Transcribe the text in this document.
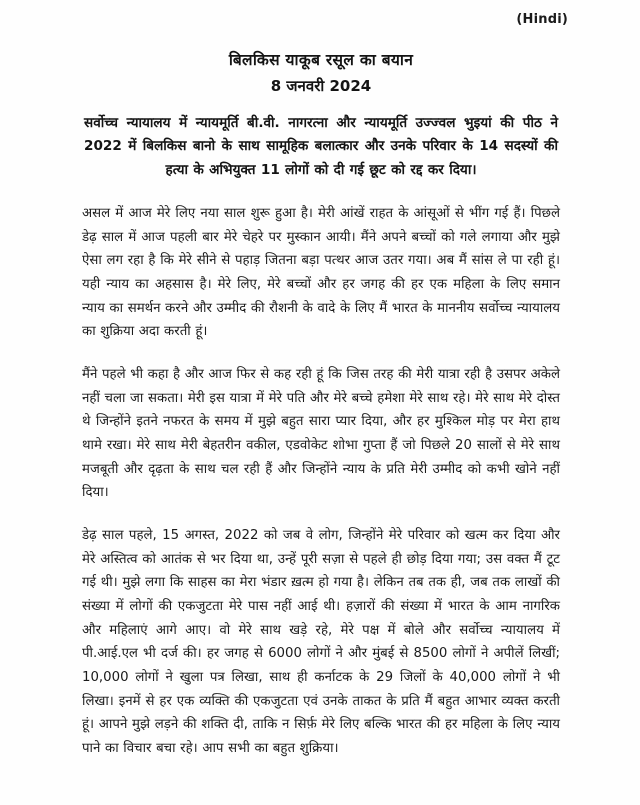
(Hindi)
बिलकिस याकूब रसूल का बयान
8 जनवरी 2024

सर्वोच्च न्यायालय में न्यायमूर्ति बी.वी. नागरत्ना और न्यायमूर्ति उज्ज्वल भुइयां की पीठ ने 2022 में बिलकिस बानो के साथ सामूहिक बलात्कार और उनके परिवार के 14 सदस्यों की हत्या के अभियुक्त 11 लोगों को दी गई छूट को रद्द कर दिया।

असल में आज मेरे लिए नया साल शुरू हुआ है। मेरी आंखें राहत के आंसूओं से भींग गई हैं। पिछले डेढ़ साल में आज पहली बार मेरे चेहरे पर मुस्कान आयी। मैंने अपने बच्चों को गले लगाया और मुझे ऐसा लग रहा है कि मेरे सीने से पहाड़ जितना बड़ा पत्थर आज उतर गया। अब मैं सांस ले पा रही हूं। यही न्याय का अहसास है। मेरे लिए, मेरे बच्चों और हर जगह की हर एक महिला के लिए समान न्याय का समर्थन करने और उम्मीद की रौशनी के वादे के लिए मैं भारत के माननीय सर्वोच्च न्यायालय का शुक्रिया अदा करती हूं।

मैंने पहले भी कहा है और आज फिर से कह रही हूं कि जिस तरह की मेरी यात्रा रही है उसपर अकेले नहीं चला जा सकता। मेरी इस यात्रा में मेरे पति और मेरे बच्चे हमेशा मेरे साथ रहे। मेरे साथ मेरे दोस्त थे जिन्होंने इतने नफरत के समय में मुझे बहुत सारा प्यार दिया, और हर मुश्किल मोड़ पर मेरा हाथ थामे रखा। मेरे साथ मेरी बेहतरीन वकील, एडवोकेट शोभा गुप्ता हैं जो पिछले 20 सालों से मेरे साथ मजबूती और दृढ़ता के साथ चल रही हैं और जिन्होंने न्याय के प्रति मेरी उम्मीद को कभी खोने नहीं दिया।

डेढ़ साल पहले, 15 अगस्त, 2022 को जब वे लोग, जिन्होंने मेरे परिवार को खत्म कर दिया और मेरे अस्तित्व को आतंक से भर दिया था, उन्हें पूरी सज़ा से पहले ही छोड़ दिया गया; उस वक्त मैं टूट गई थी। मुझे लगा कि साहस का मेरा भंडार ख़त्म हो गया है। लेकिन तब तक ही, जब तक लाखों की संख्या में लोगों की एकजुटता मेरे पास नहीं आई थी। हज़ारों की संख्या में भारत के आम नागरिक और महिलाएं आगे आए। वो मेरे साथ खड़े रहे, मेरे पक्ष में बोले और सर्वोच्च न्यायालय में पी.आई.एल भी दर्ज की। हर जगह से 6000 लोगों ने और मुंबई से 8500 लोगों ने अपीलें लिखीं; 10,000 लोगों ने खुला पत्र लिखा, साथ ही कर्नाटक के 29 जिलों के 40,000 लोगों ने भी लिखा। इनमें से हर एक व्यक्ति की एकजुटता एवं उनके ताकत के प्रति मैं बहुत आभार व्यक्त करती हूं। आपने मुझे लड़ने की शक्ति दी, ताकि न सिर्फ़ मेरे लिए बल्कि भारत की हर महिला के लिए न्याय पाने का विचार बचा रहे। आप सभी का बहुत शुक्रिया।
